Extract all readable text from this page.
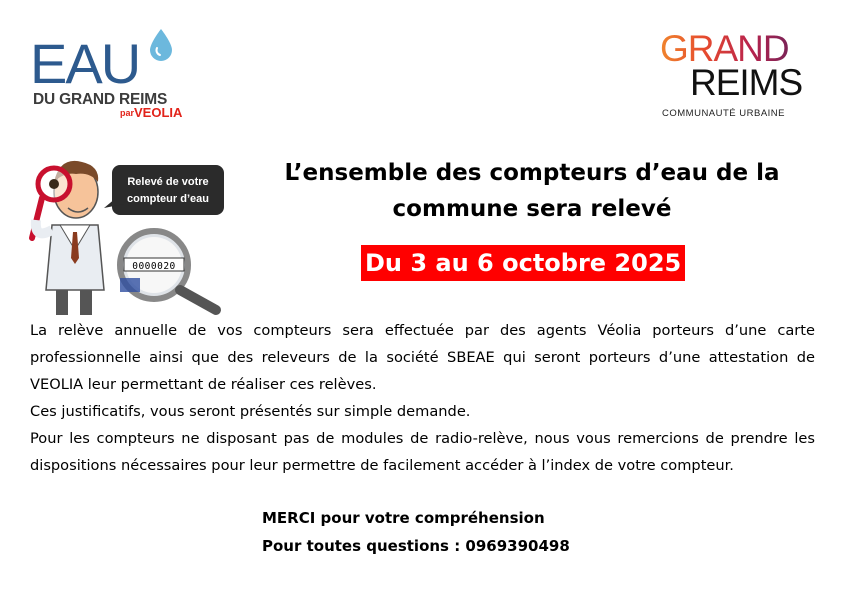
EAU
DU GRAND REIMS
par VEOLIA
GRAND
REIMS
COMMUNAUTÉ URBAINE
Relevé de votre
compteur d’eau
0000020
L’ensemble des compteurs d’eau de la commune sera relevé
Du 3 au 6 octobre 2025

La relève annuelle de vos compteurs sera effectuée par des agents Véolia porteurs d’une carte professionnelle ainsi que des releveurs de la société SBEAE qui seront porteurs d’une attestation de VEOLIA leur permettant de réaliser ces relèves.

Ces justificatifs, vous seront présentés sur simple demande.

Pour les compteurs ne disposant pas de modules de radio-relève, nous vous remercions de prendre les dispositions nécessaires pour leur permettre de facilement accéder à l’index de votre compteur.

MERCI pour votre compréhension
Pour toutes questions : 0969390498
